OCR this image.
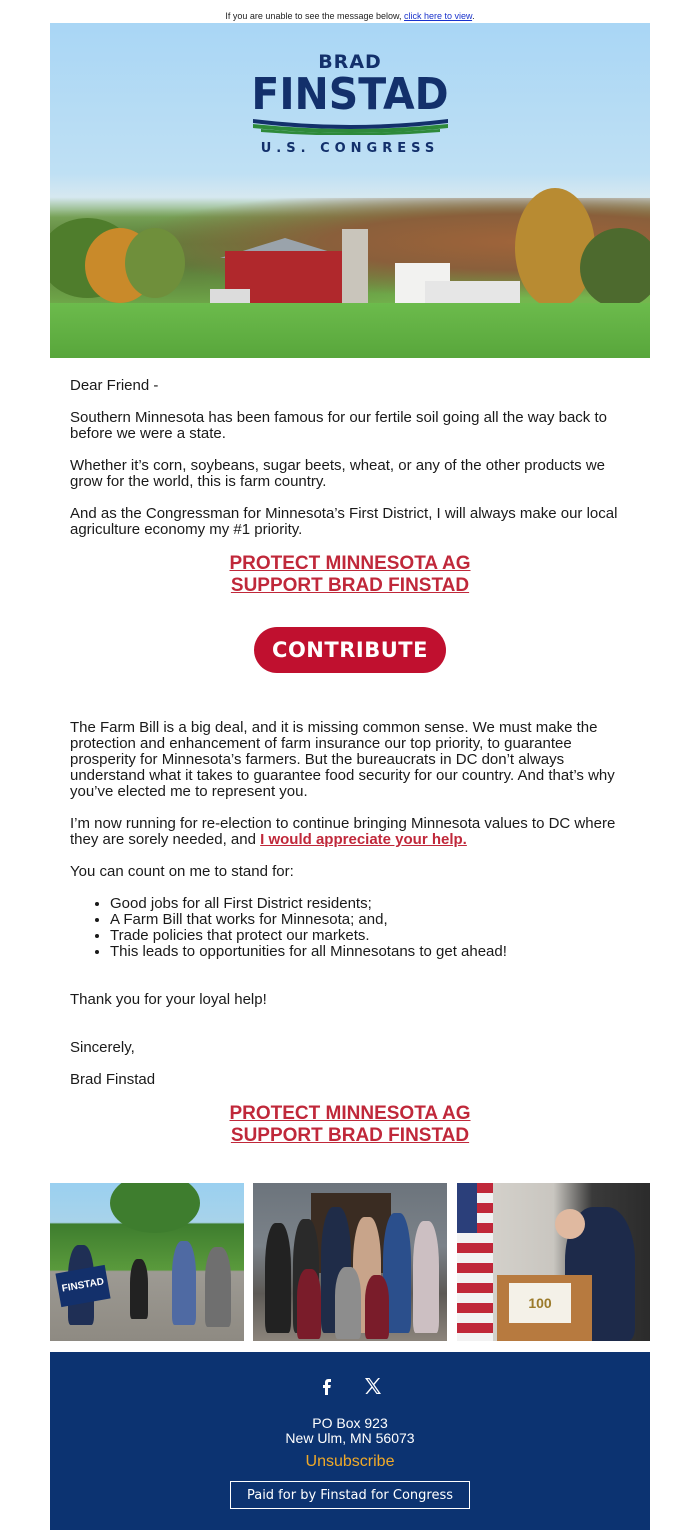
If you are unable to see the message below, click here to view.
BRAD
FINSTAD
U.S. CONGRESS
Dear Friend -
Southern Minnesota has been famous for our fertile soil going all the way back to before we were a state.
Whether it’s corn, soybeans, sugar beets, wheat, or any of the other products we grow for the world, this is farm country.
And as the Congressman for Minnesota’s First District, I will always make our local agriculture economy my #1 priority.
PROTECT MINNESOTA AG
SUPPORT BRAD FINSTAD
CONTRIBUTE
The Farm Bill is a big deal, and it is missing common sense. We must make the protection and enhancement of farm insurance our top priority, to guarantee prosperity for Minnesota’s farmers. But the bureaucrats in DC don’t always understand what it takes to guarantee food security for our country. And that’s why you’ve elected me to represent you.
I’m now running for re-election to continue bringing Minnesota values to DC where they are sorely needed, and I would appreciate your help.
You can count on me to stand for:
• Good jobs for all First District residents;
• A Farm Bill that works for Minnesota; and,
• Trade policies that protect our markets.
• This leads to opportunities for all Minnesotans to get ahead!
Thank you for your loyal help!
Sincerely,
Brad Finstad
PROTECT MINNESOTA AG
SUPPORT BRAD FINSTAD
FINSTAD
100

PO Box 923
New Ulm, MN 56073
Unsubscribe
Paid for by Finstad for Congress
